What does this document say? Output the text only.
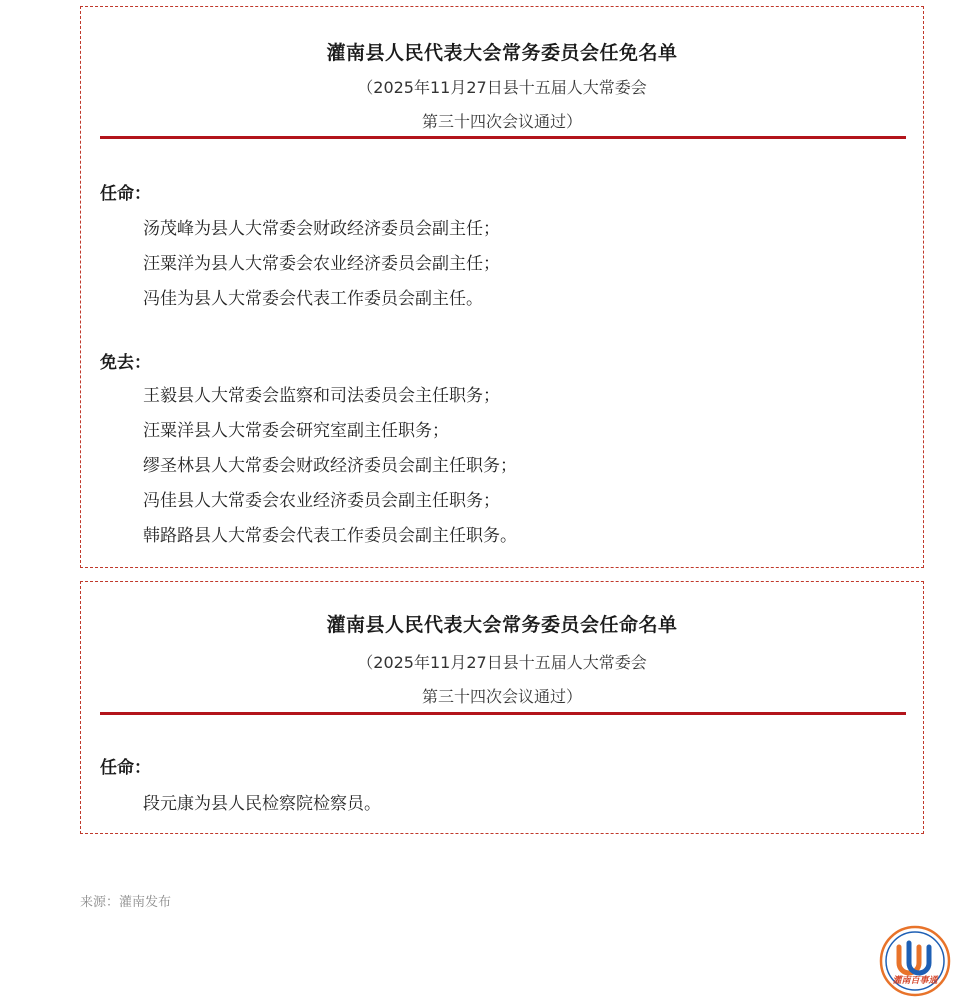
灌南县人民代表大会常务委员会任免名单
（2025年11月27日县十五届人大常委会
第三十四次会议通过）
任命：
汤茂峰为县人大常委会财政经济委员会副主任；
汪粟洋为县人大常委会农业经济委员会副主任；
冯佳为县人大常委会代表工作委员会副主任。
免去：
王毅县人大常委会监察和司法委员会主任职务；
汪粟洋县人大常委会研究室副主任职务；
缪圣林县人大常委会财政经济委员会副主任职务；
冯佳县人大常委会农业经济委员会副主任职务；
韩路路县人大常委会代表工作委员会副主任职务。
灌南县人民代表大会常务委员会任命名单
（2025年11月27日县十五届人大常委会
第三十四次会议通过）
任命：
段元康为县人民检察院检察员。
来源：灌南发布
灌南百事通
